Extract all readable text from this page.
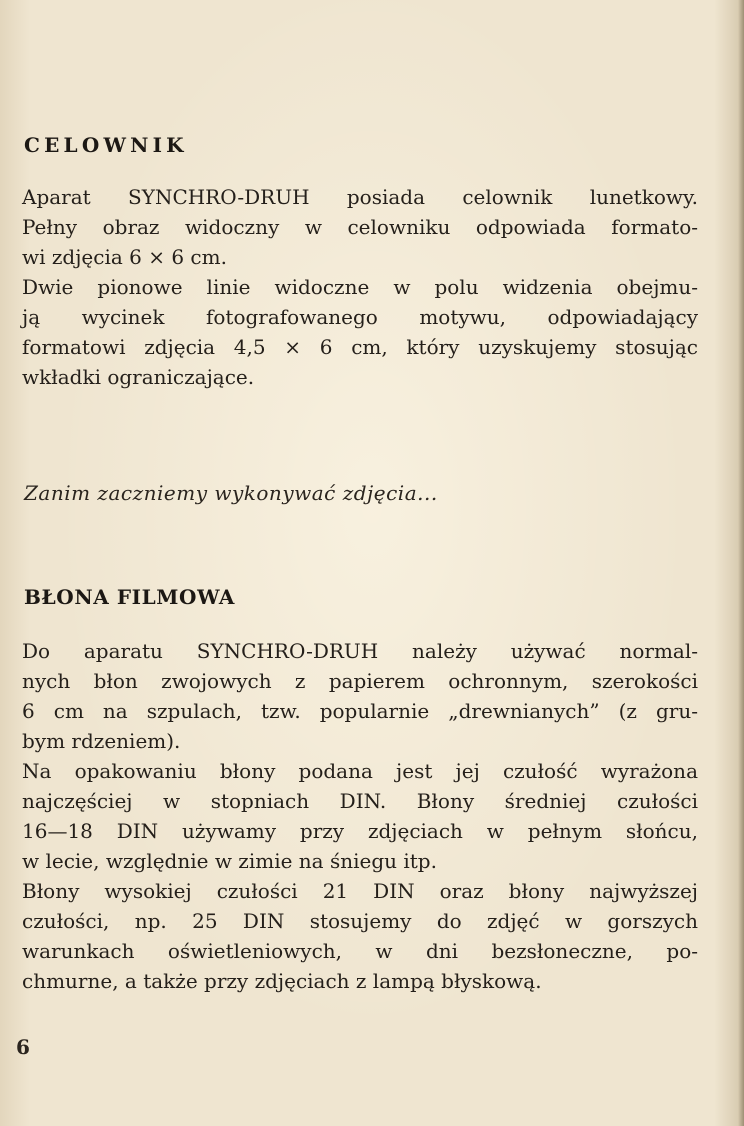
CELOWNIK
Aparat SYNCHRO-DRUH posiada celownik lunetkowy.
Pełny obraz widoczny w celowniku odpowiada formato-
wi zdjęcia 6 × 6 cm.
Dwie pionowe linie widoczne w polu widzenia obejmu-
ją wycinek fotografowanego motywu, odpowiadający
formatowi zdjęcia 4,5 × 6 cm, który uzyskujemy stosując
wkładki ograniczające.
Zanim zaczniemy wykonywać zdjęcia...
BŁONA FILMOWA
Do aparatu SYNCHRO-DRUH należy używać normal-
nych błon zwojowych z papierem ochronnym, szerokości
6 cm na szpulach, tzw. popularnie „drewnianych” (z gru-
bym rdzeniem).
Na opakowaniu błony podana jest jej czułość wyrażona
najczęściej w stopniach DIN. Błony średniej czułości
16—18 DIN używamy przy zdjęciach w pełnym słońcu,
w lecie, względnie w zimie na śniegu itp.
Błony wysokiej czułości 21 DIN oraz błony najwyższej
czułości, np. 25 DIN stosujemy do zdjęć w gorszych
warunkach oświetleniowych, w dni bezsłoneczne, po-
chmurne, a także przy zdjęciach z lampą błyskową.
6
